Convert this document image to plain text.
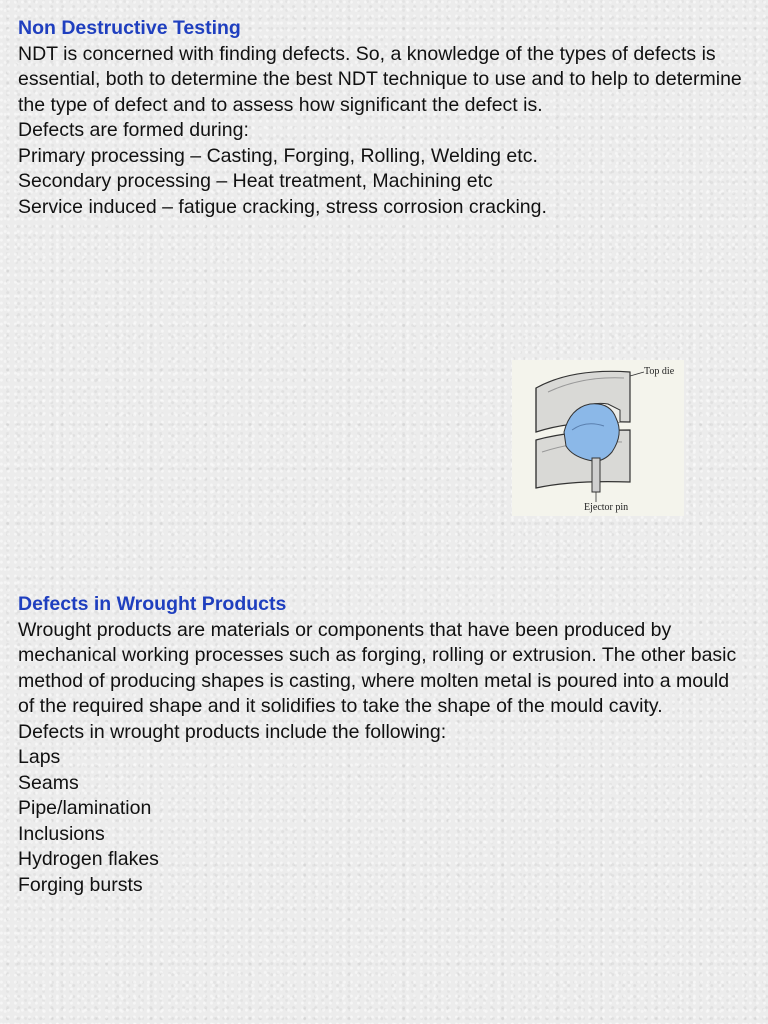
Non Destructive Testing

NDT is concerned with finding defects. So, a knowledge of the types of defects is essential, both to determine the best NDT technique to use and to help to determine the type of defect and to assess how significant the defect is.

Defects are formed during:

Primary processing – Casting, Forging, Rolling, Welding etc.

Secondary processing – Heat treatment, Machining etc

Service induced – fatigue cracking, stress corrosion cracking.

Top die
Ejector pin
Defects in Wrought Products

Wrought products are materials or components that have been produced by mechanical working processes such as forging, rolling or extrusion. The other basic method of producing shapes is casting, where molten metal is poured into a mould of the required shape and it solidifies to take the shape of the mould cavity.

Defects in wrought products include the following:

Laps

Seams

Pipe/lamination

Inclusions

Hydrogen flakes

Forging bursts
